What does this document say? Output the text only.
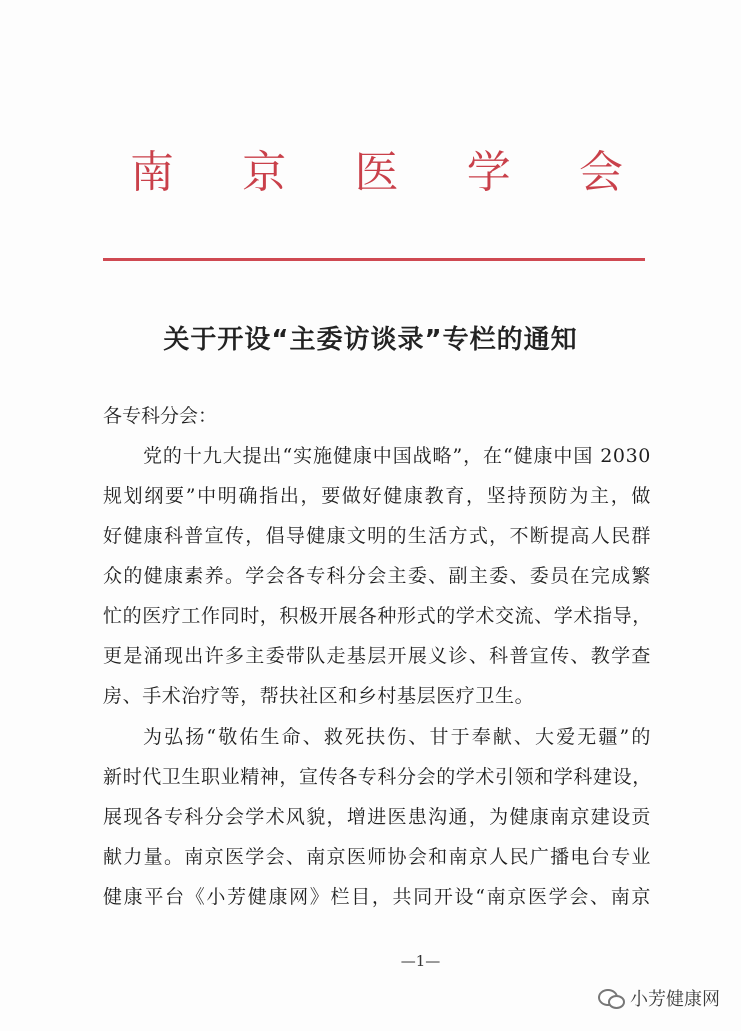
南 京 医 学 会
关于开设“主委访谈录”专栏的通知
各专科分会：
党的十九大提出“实施健康中国战略”，在“健康中国 2030
规划纲要”中明确指出，要做好健康教育，坚持预防为主，做
好健康科普宣传，倡导健康文明的生活方式，不断提高人民群
众的健康素养。学会各专科分会主委、副主委、委员在完成繁
忙的医疗工作同时，积极开展各种形式的学术交流、学术指导，
更是涌现出许多主委带队走基层开展义诊、科普宣传、教学查
房、手术治疗等，帮扶社区和乡村基层医疗卫生。
为弘扬“敬佑生命、救死扶伤、甘于奉献、大爱无疆”的
新时代卫生职业精神，宣传各专科分会的学术引领和学科建设，
展现各专科分会学术风貌，增进医患沟通，为健康南京建设贡
献力量。南京医学会、南京医师协会和南京人民广播电台专业
健康平台《小芳健康网》栏目，共同开设“南京医学会、南京
—1—
小芳健康网
